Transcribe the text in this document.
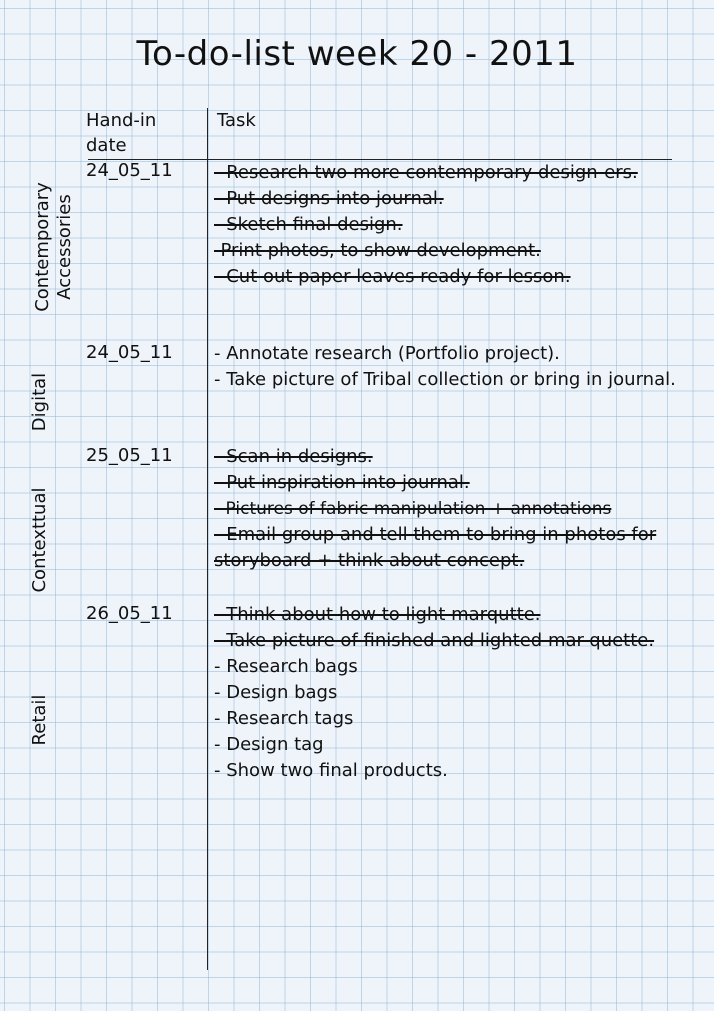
To-do-list week 20 - 2011
Hand-in date
Task
Contemporary Accessories
Digital
Contexttual
Retail
24_05_11
24_05_11
25_05_11
26_05_11
- Research two more contemporary design-ers.
- Put designs into journal.
- Sketch final design.
-Print photos, to show development.
- Cut out paper leaves ready for lesson.
- Annotate research (Portfolio project).
- Take picture of Tribal collection or bring in journal.
- Scan in designs.
- Put inspiration into journal.
- Pictures of fabric manipulation + annotations
- Email group and tell them to bring in photos for storyboard + think about concept.
- Think about how to light marqutte.
- Take picture of finished and lighted mar-quette.
- Research bags
- Design bags
- Research tags
- Design tag
- Show two final products.
